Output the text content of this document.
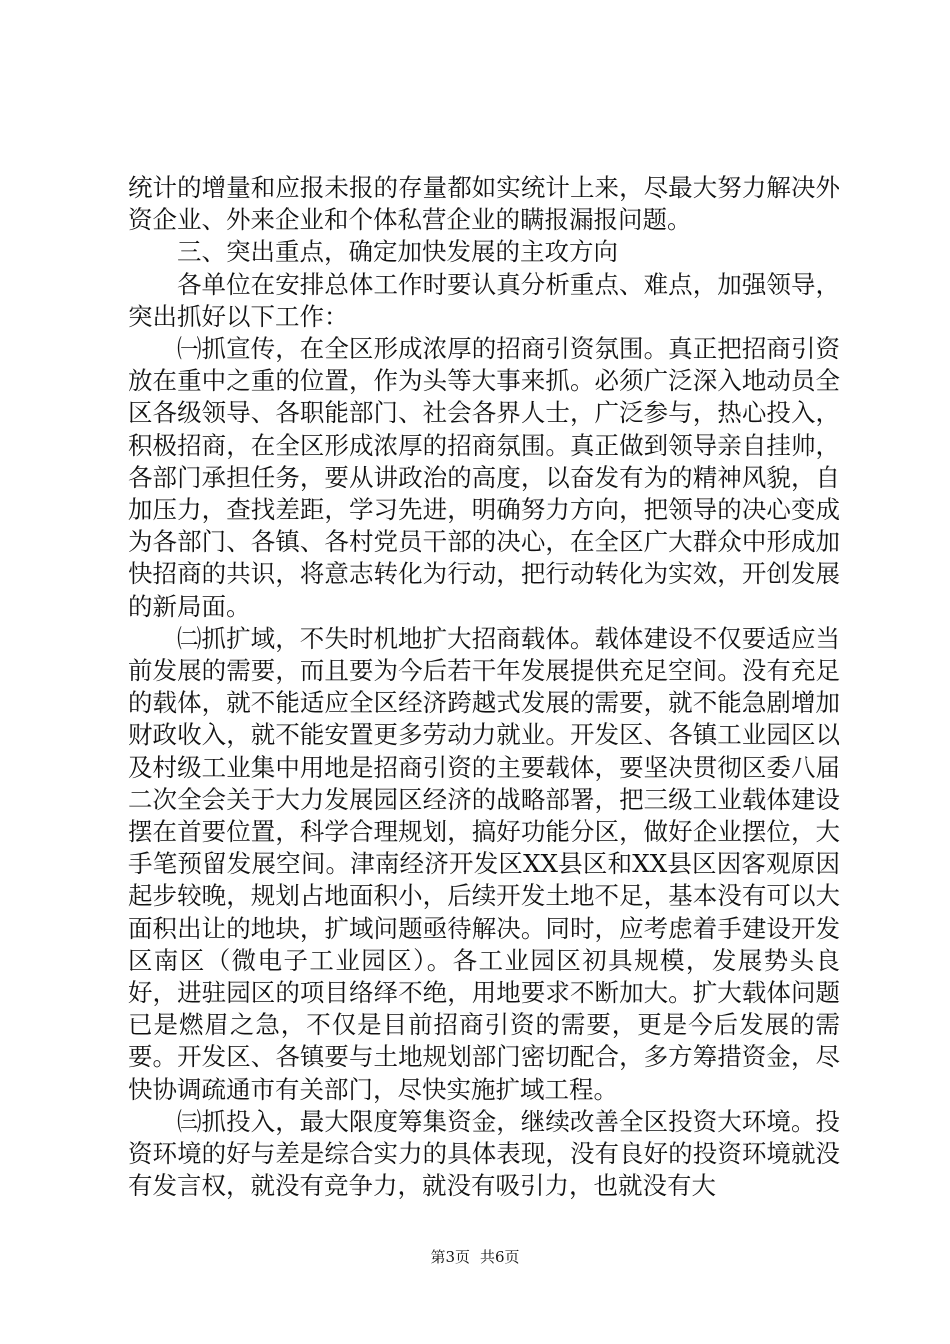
统计的增量和应报未报的存量都如实统计上来，尽最大努力解决外资企业、外来企业和个体私营企业的瞒报漏报问题。

三、突出重点，确定加快发展的主攻方向

各单位在安排总体工作时要认真分析重点、难点，加强领导，突出抓好以下工作：

㈠抓宣传，在全区形成浓厚的招商引资氛围。真正把招商引资放在重中之重的位置，作为头等大事来抓。必须广泛深入地动员全区各级领导、各职能部门、社会各界人士，广泛参与，热心投入，积极招商，在全区形成浓厚的招商氛围。真正做到领导亲自挂帅，各部门承担任务，要从讲政治的高度，以奋发有为的精神风貌，自加压力，查找差距，学习先进，明确努力方向，把领导的决心变成为各部门、各镇、各村党员干部的决心，在全区广大群众中形成加快招商的共识，将意志转化为行动，把行动转化为实效，开创发展的新局面。

㈡抓扩域，不失时机地扩大招商载体。载体建设不仅要适应当前发展的需要，而且要为今后若干年发展提供充足空间。没有充足的载体，就不能适应全区经济跨越式发展的需要，就不能急剧增加财政收入，就不能安置更多劳动力就业。开发区、各镇工业园区以及村级工业集中用地是招商引资的主要载体，要坚决贯彻区委八届二次全会关于大力发展园区经济的战略部署，把三级工业载体建设摆在首要位置，科学合理规划，搞好功能分区，做好企业摆位，大手笔预留发展空间。津南经济开发区XX县区和XX县区因客观原因起步较晚，规划占地面积小，后续开发土地不足，基本没有可以大面积出让的地块，扩域问题亟待解决。同时，应考虑着手建设开发区南区（微电子工业园区）。各工业园区初具规模，发展势头良好，进驻园区的项目络绎不绝，用地要求不断加大。扩大载体问题已是燃眉之急，不仅是目前招商引资的需要，更是今后发展的需要。开发区、各镇要与土地规划部门密切配合，多方筹措资金，尽快协调疏通市有关部门，尽快实施扩域工程。

㈢抓投入，最大限度筹集资金，继续改善全区投资大环境。投资环境的好与差是综合实力的具体表现，没有良好的投资环境就没有发言权，就没有竞争力，就没有吸引力，也就没有大

第3页 共6页
